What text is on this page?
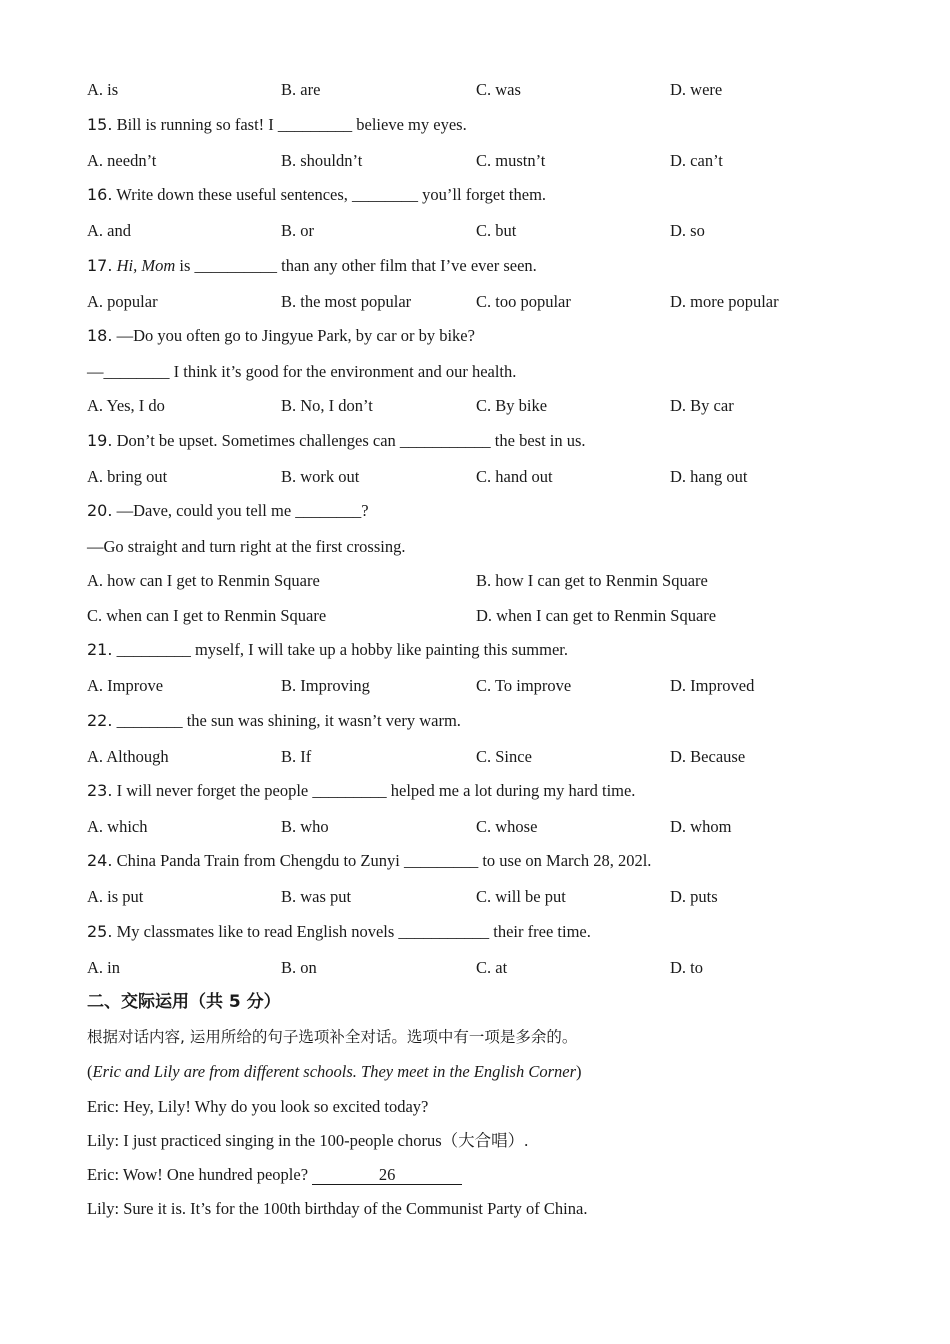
A. is	B. are	C. was	D. were
15. Bill is running so fast! I _________ believe my eyes.
A. needn’t	B. shouldn’t	C. mustn’t	D. can’t
16. Write down these useful sentences, ________ you’ll forget them.
A. and	B. or	C. but	D. so
17. Hi, Mom is __________ than any other film that I’ve ever seen.
A. popular	B. the most popular	C. too popular	D. more popular
18. —Do you often go to Jingyue Park, by car or by bike?
—________ I think it’s good for the environment and our health.
A. Yes, I do	B. No, I don’t	C. By bike	D. By car
19. Don’t be upset. Sometimes challenges can ___________ the best in us.
A. bring out	B. work out	C. hand out	D. hang out
20. —Dave, could you tell me ________?
—Go straight and turn right at the first crossing.
A. how can I get to Renmin Square	B. how I can get to Renmin Square
C. when can I get to Renmin Square	D. when I can get to Renmin Square
21. _________ myself, I will take up a hobby like painting this summer.
A. Improve	B. Improving	C. To improve	D. Improved
22. ________ the sun was shining, it wasn’t very warm.
A. Although	B. If	C. Since	D. Because
23. I will never forget the people _________ helped me a lot during my hard time.
A. which	B. who	C. whose	D. whom
24. China Panda Train from Chengdu to Zunyi _________ to use on March 28, 202l.
A. is put	B. was put	C. will be put	D. puts
25. My classmates like to read English novels ___________ their free time.
A. in	B. on	C. at	D. to
二、交际运用（共 5 分）
根据对话内容, 运用所给的句子选项补全对话。选项中有一项是多余的。
(Eric and Lily are from different schools. They meet in the English Corner)
Eric: Hey, Lily! Why do you look so excited today?
Lily: I just practiced singing in the 100-people chorus（大合唱）.
Eric: Wow! One hundred people?	26
Lily: Sure it is. It’s for the 100th birthday of the Communist Party of China.
